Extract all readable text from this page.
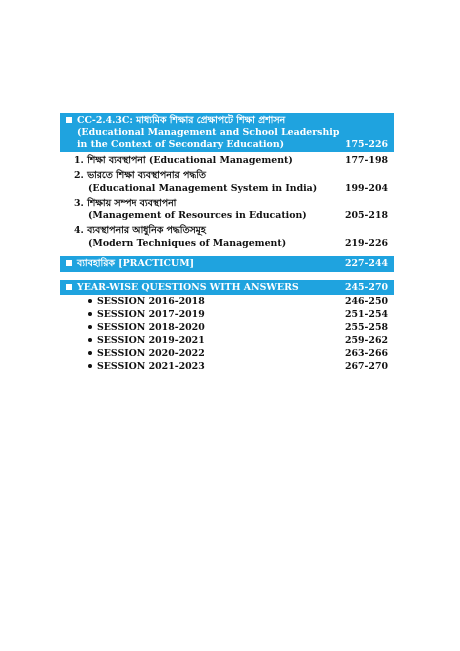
CC-2.4.3C: মাধ্যমিক শিক্ষার প্রেক্ষাপটে শিক্ষা প্রশাসন
(Educational Management and School Leadership
in the Context of Secondary Education)	175-226
1. শিক্ষা ব্যবস্থাপনা (Educational Management)	177-198
2. ভারতে শিক্ষা ব্যবস্থাপনার পদ্ধতি
(Educational Management System in India)	199-204
3. শিক্ষায় সম্পদ ব্যবস্থাপনা
(Management of Resources in Education)	205-218
4. ব্যবস্থাপনার আধুনিক পদ্ধতিসমূহ
(Modern Techniques of Management)	219-226
ব্যাবহারিক [PRACTICUM]	227-244
YEAR-WISE QUESTIONS WITH ANSWERS	245-270
SESSION 2016-2018	246-250
SESSION 2017-2019	251-254
SESSION 2018-2020	255-258
SESSION 2019-2021	259-262
SESSION 2020-2022	263-266
SESSION 2021-2023	267-270
